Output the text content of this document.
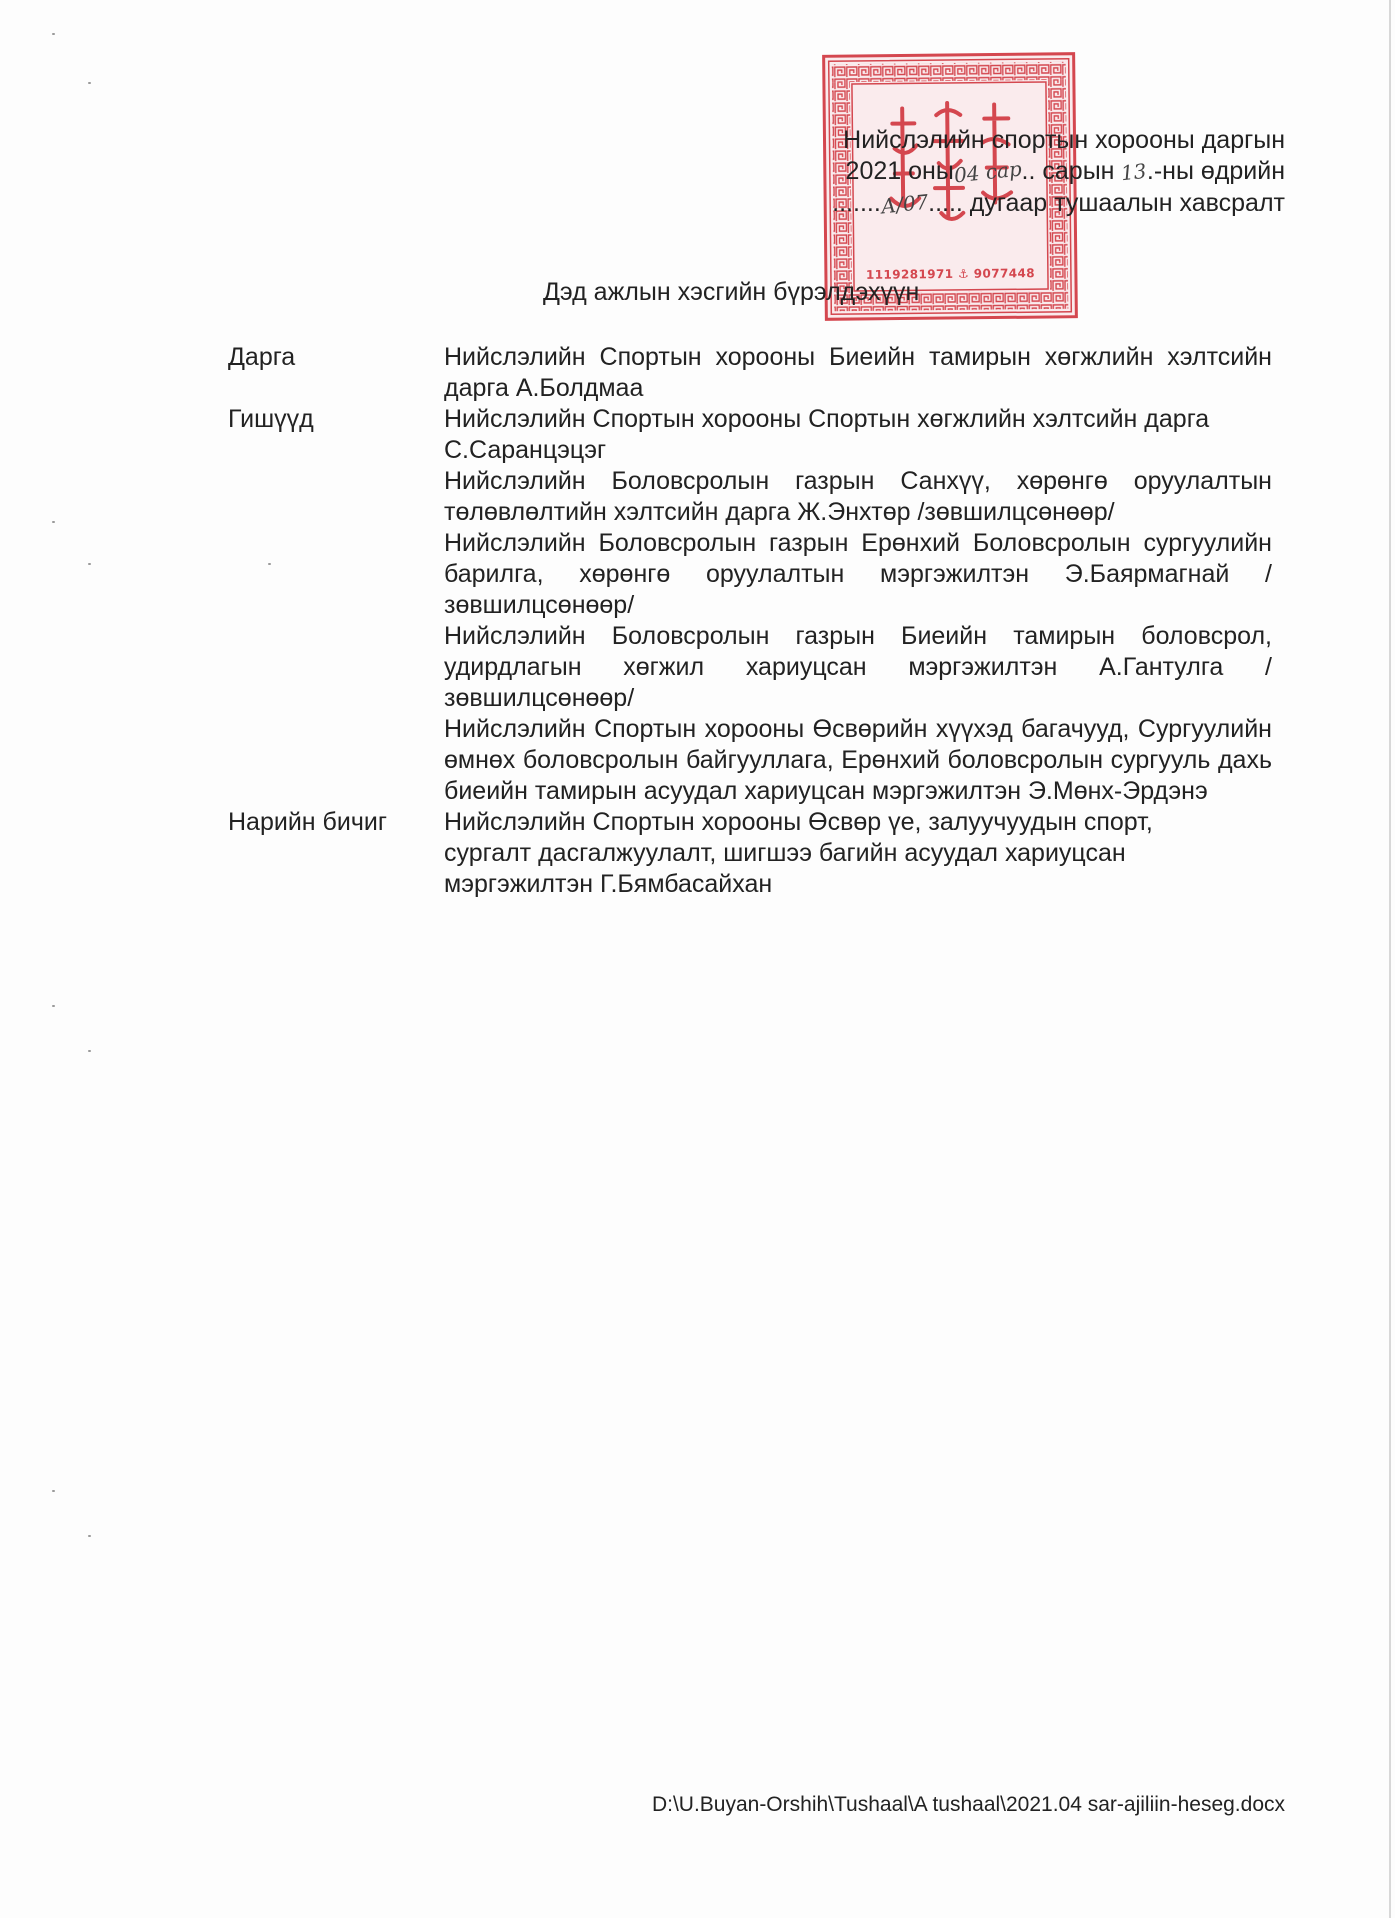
1119281971 ⚓ 9077448
Нийслэлийн спортын хорооны даргын
2021 оны04 сар.. сарын 13.-ны өдрийн
.......А/07..... дугаар тушаалын хавсралт
Дэд ажлын хэсгийн бүрэлдэхүүн
Дарга	Нийслэлийн Спортын хорооны Биеийн тамирын хөгжлийн хэлтсийн дарга А.Болдмаа
Гишүүд	Нийслэлийн Спортын хорооны Спортын хөгжлийн хэлтсийн дарга С.Саранцэцэг
Нийслэлийн Боловсролын газрын Санхүү, хөрөнгө оруулалтын төлөвлөлтийн хэлтсийн дарга Ж.Энхтөр /зөвшилцсөнөөр/
Нийслэлийн Боловсролын газрын Ерөнхий Боловсролын сургуулийн барилга, хөрөнгө оруулалтын мэргэжилтэн Э.Баярмагнай /зөвшилцсөнөөр/
Нийслэлийн Боловсролын газрын Биеийн тамирын боловсрол, удирдлагын хөгжил хариуцсан мэргэжилтэн А.Гантулга /зөвшилцсөнөөр/
Нийслэлийн Спортын хорооны Өсвөрийн хүүхэд багачууд, Сургуулийн өмнөх боловсролын байгууллага, Ерөнхий боловсролын сургууль дахь биеийн тамирын асуудал хариуцсан мэргэжилтэн Э.Мөнх-Эрдэнэ
Нарийн бичиг	Нийслэлийн Спортын хорооны Өсвөр үе, залуучуудын спорт, сургалт дасгалжуулалт, шигшээ багийн асуудал хариуцсан мэргэжилтэн Г.Бямбасайхан
D:\U.Buyan-Orshih\Tushaal\A tushaal\2021.04 sar-ajiliin-heseg.docx
